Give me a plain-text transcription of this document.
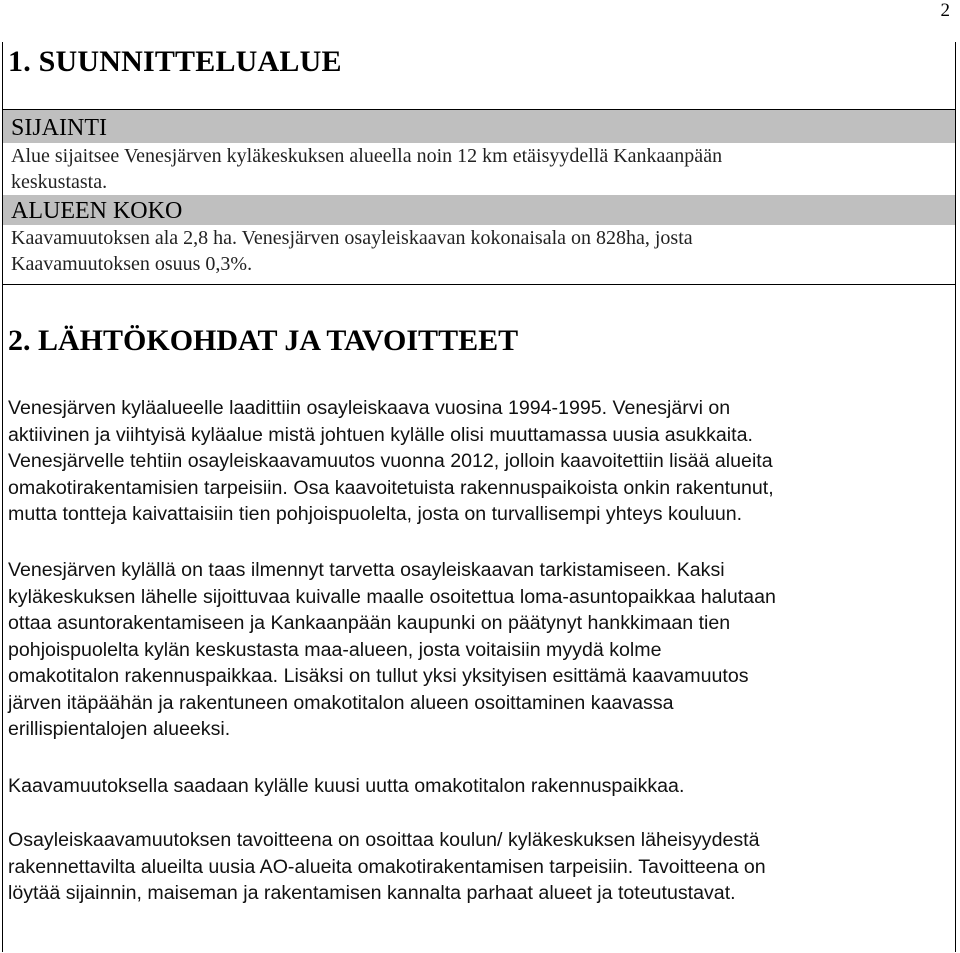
2
1. SUUNNITTELUALUE
SIJAINTI

Alue sijaitsee Venesjärven kyläkeskuksen alueella noin 12 km etäisyydellä Kankaanpään

keskustasta.

ALUEEN KOKO

Kaavamuutoksen ala 2,8 ha. Venesjärven osayleiskaavan kokonaisala on 828ha, josta

Kaavamuutoksen osuus 0,3%.

2. LÄHTÖKOHDAT JA TAVOITTEET

Venesjärven kyläalueelle laadittiin osayleiskaava vuosina 1994-1995. Venesjärvi on

aktiivinen ja viihtyisä kyläalue mistä johtuen kylälle olisi muuttamassa uusia asukkaita.

Venesjärvelle tehtiin osayleiskaavamuutos vuonna 2012, jolloin kaavoitettiin lisää alueita

omakotirakentamisien tarpeisiin. Osa kaavoitetuista rakennuspaikoista onkin rakentunut,

mutta tontteja kaivattaisiin tien pohjoispuolelta, josta on turvallisempi yhteys kouluun.

Venesjärven kylällä on taas ilmennyt tarvetta osayleiskaavan tarkistamiseen. Kaksi

kyläkeskuksen lähelle sijoittuvaa kuivalle maalle osoitettua loma-asuntopaikkaa halutaan

ottaa asuntorakentamiseen ja Kankaanpään kaupunki on päätynyt hankkimaan tien

pohjoispuolelta kylän keskustasta maa-alueen, josta voitaisiin myydä kolme

omakotitalon rakennuspaikkaa. Lisäksi on tullut yksi yksityisen esittämä kaavamuutos

järven itäpäähän ja rakentuneen omakotitalon alueen osoittaminen kaavassa

erillispientalojen alueeksi.

Kaavamuutoksella saadaan kylälle kuusi uutta omakotitalon rakennuspaikkaa.

Osayleiskaavamuutoksen tavoitteena on osoittaa koulun/ kyläkeskuksen läheisyydestä

rakennettavilta alueilta uusia AO-alueita omakotirakentamisen tarpeisiin. Tavoitteena on

löytää sijainnin, maiseman ja rakentamisen kannalta parhaat alueet ja toteutustavat.
